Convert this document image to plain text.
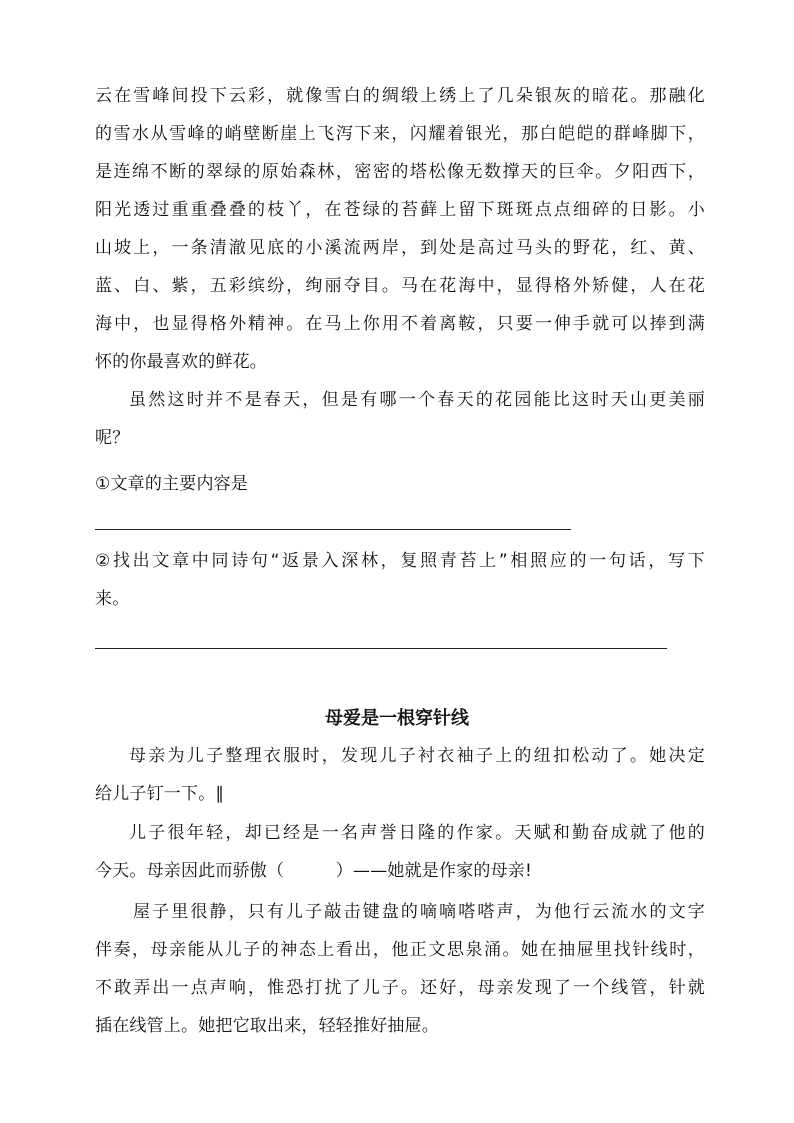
云在雪峰间投下云彩，就像雪白的绸缎上绣上了几朵银灰的暗花。那融化
的雪水从雪峰的峭壁断崖上飞泻下来，闪耀着银光，那白皑皑的群峰脚下，
是连绵不断的翠绿的原始森林，密密的塔松像无数撑天的巨伞。夕阳西下，
阳光透过重重叠叠的枝丫，在苍绿的苔藓上留下斑斑点点细碎的日影。小
山坡上，一条清澈见底的小溪流两岸，到处是高过马头的野花，红、黄、
蓝、白、紫，五彩缤纷，绚丽夺目。马在花海中，显得格外矫健，人在花
海中，也显得格外精神。在马上你用不着离鞍，只要一伸手就可以捧到满
怀的你最喜欢的鲜花。
虽然这时并不是春天，但是有哪一个春天的花园能比这时天山更美丽
呢？
①文章的主要内容是
②找出文章中同诗句“返景入深林，复照青苔上”相照应的一句话，写下
来。
母爱是一根穿针线
母亲为儿子整理衣服时，发现儿子衬衣袖子上的纽扣松动了。她决定
给儿子钉一下。∥
儿子很年轻，却已经是一名声誉日隆的作家。天赋和勤奋成就了他的
今天。母亲因此而骄傲（　　　）——她就是作家的母亲!
屋子里很静，只有儿子敲击键盘的嘀嘀嗒嗒声，为他行云流水的文字
伴奏，母亲能从儿子的神态上看出，他正文思泉涌。她在抽屉里找针线时，
不敢弄出一点声响，惟恐打扰了儿子。还好，母亲发现了一个线管，针就
插在线管上。她把它取出来，轻轻推好抽屉。
